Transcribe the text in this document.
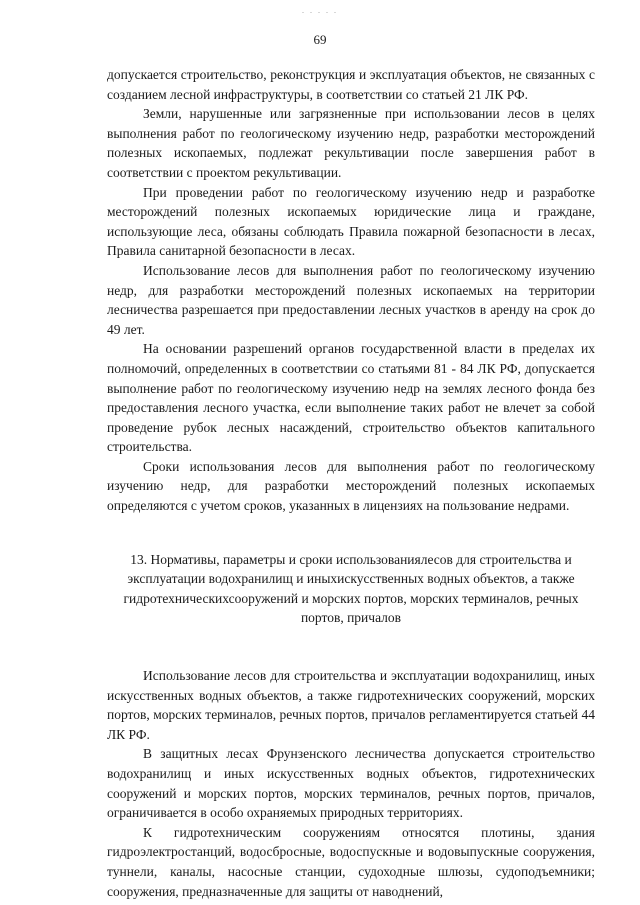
. . . . .
69

допускается строительство, реконструкция и эксплуатация объектов, не связанных с созданием лесной инфраструктуры, в соответствии со статьей 21 ЛК РФ.

Земли, нарушенные или загрязненные при использовании лесов в целях выполнения работ по геологическому изучению недр, разработки месторождений полезных ископаемых, подлежат рекультивации после завершения работ в соответствии с проектом рекультивации.

При проведении работ по геологическому изучению недр и разработке месторождений полезных ископаемых юридические лица и граждане, использующие леса, обязаны соблюдать Правила пожарной безопасности в лесах, Правила санитарной безопасности в лесах.

Использование лесов для выполнения работ по геологическому изучению недр, для разработки месторождений полезных ископаемых на территории лесничества разрешается при предоставлении лесных участков в аренду на срок до 49 лет.

На основании разрешений органов государственной власти в пределах их полномочий, определенных в соответствии со статьями 81 - 84 ЛК РФ, допускается выполнение работ по геологическому изучению недр на землях лесного фонда без предоставления лесного участка, если выполнение таких работ не влечет за собой проведение рубок лесных насаждений, строительство объектов капитального строительства.

Сроки использования лесов для выполнения работ по геологическому изучению недр, для разработки месторождений полезных ископаемых определяются с учетом сроков, указанных в лицензиях на пользование недрами.

13. Нормативы, параметры и сроки использованиялесов для строительства и эксплуатации водохранилищ и иныхискусственных водных объектов, а также гидротехническихсооружений и морских портов, морских терминалов, речных портов, причалов

Использование лесов для строительства и эксплуатации водохранилищ, иных искусственных водных объектов, а также гидротехнических сооружений, морских портов, морских терминалов, речных портов, причалов регламентируется статьей 44 ЛК РФ.

В защитных лесах Фрунзенского лесничества допускается строительство водохранилищ и иных искусственных водных объектов, гидротехнических сооружений и морских портов, морских терминалов, речных портов, причалов, ограничивается в особо охраняемых природных территориях.

К гидротехническим сооружениям относятся плотины, здания гидроэлектростанций, водосбросные, водоспускные и водовыпускные сооружения, туннели, каналы, насосные станции, судоходные шлюзы, судоподъемники; сооружения, предназначенные для защиты от наводнений,
